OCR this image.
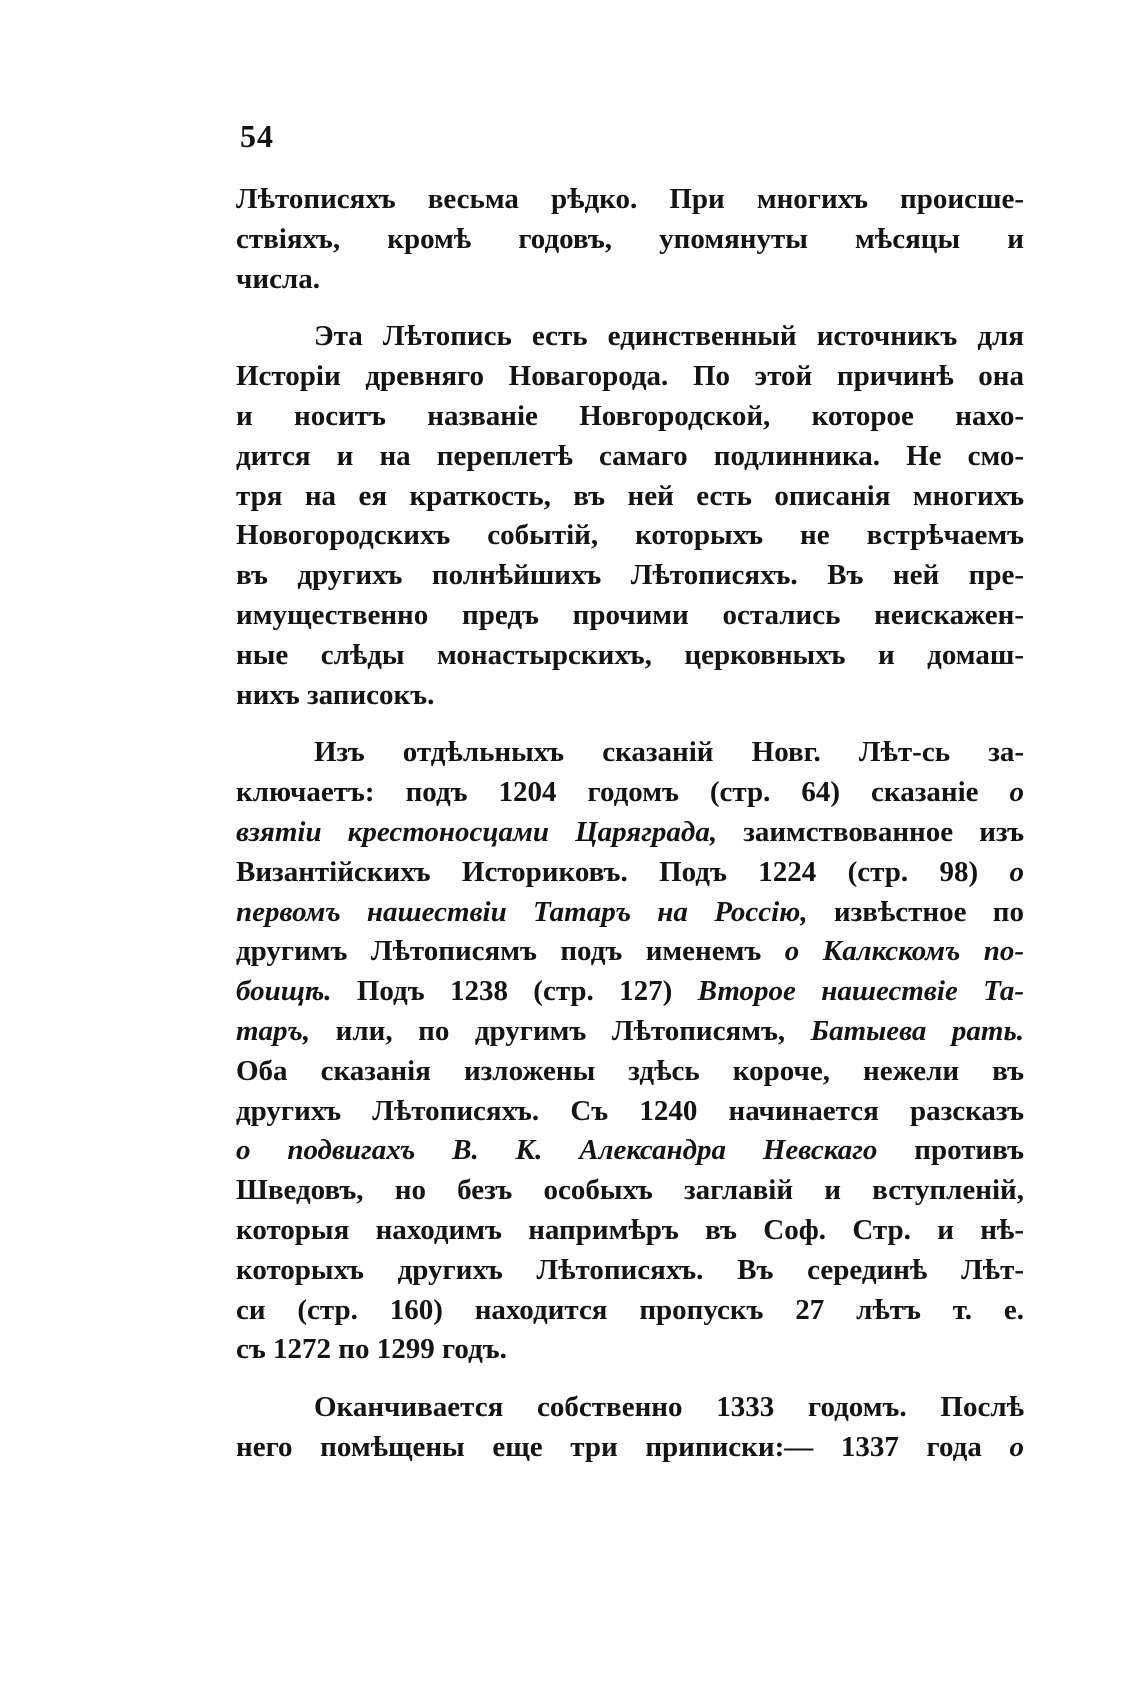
54
Лѣтописяхъ весьма рѣдко. При многихъ происше-
ствіяхъ, кромѣ годовъ, упомянуты мѣсяцы и
числа.
Эта Лѣтопись есть единственный источникъ для
Исторіи древняго Новагорода. По этой причинѣ она
и носитъ названіе Новгородской, которое нахо-
дится и на переплетѣ самаго подлинника. Не смо-
тря на ея краткость, въ ней есть описанія многихъ
Новогородскихъ событій, которыхъ не встрѣчаемъ
въ другихъ полнѣйшихъ Лѣтописяхъ. Въ ней пре-
имущественно предъ прочими остались неискажен-
ные слѣды монастырскихъ, церковныхъ и домаш-
нихъ записокъ.
Изъ отдѣльныхъ сказаній Новг. Лѣт-сь за-
ключаетъ: подъ 1204 годомъ (стр. 64) сказаніе о
взятіи крестоносцами Царяграда, заимствованное изъ
Византійскихъ Историковъ. Подъ 1224 (стр. 98) о
первомъ нашествіи Татаръ на Россію, извѣстное по
другимъ Лѣтописямъ подъ именемъ о Калкскомъ по-
боищѣ. Подъ 1238 (стр. 127) Второе нашествіе Та-
таръ, или, по другимъ Лѣтописямъ, Батыева рать.
Оба сказанія изложены здѣсь короче, нежели въ
другихъ Лѣтописяхъ. Съ 1240 начинается разсказъ
о подвигахъ В. К. Александра Невскаго противъ
Шведовъ, но безъ особыхъ заглавій и вступленій,
которыя находимъ напримѣръ въ Соф. Стр. и нѣ-
которыхъ другихъ Лѣтописяхъ. Въ серединѣ Лѣт-
си (стр. 160) находится пропускъ 27 лѣтъ т. е.
съ 1272 по 1299 годъ.
Оканчивается собственно 1333 годомъ. Послѣ
него помѣщены еще три приписки:— 1337 года о
